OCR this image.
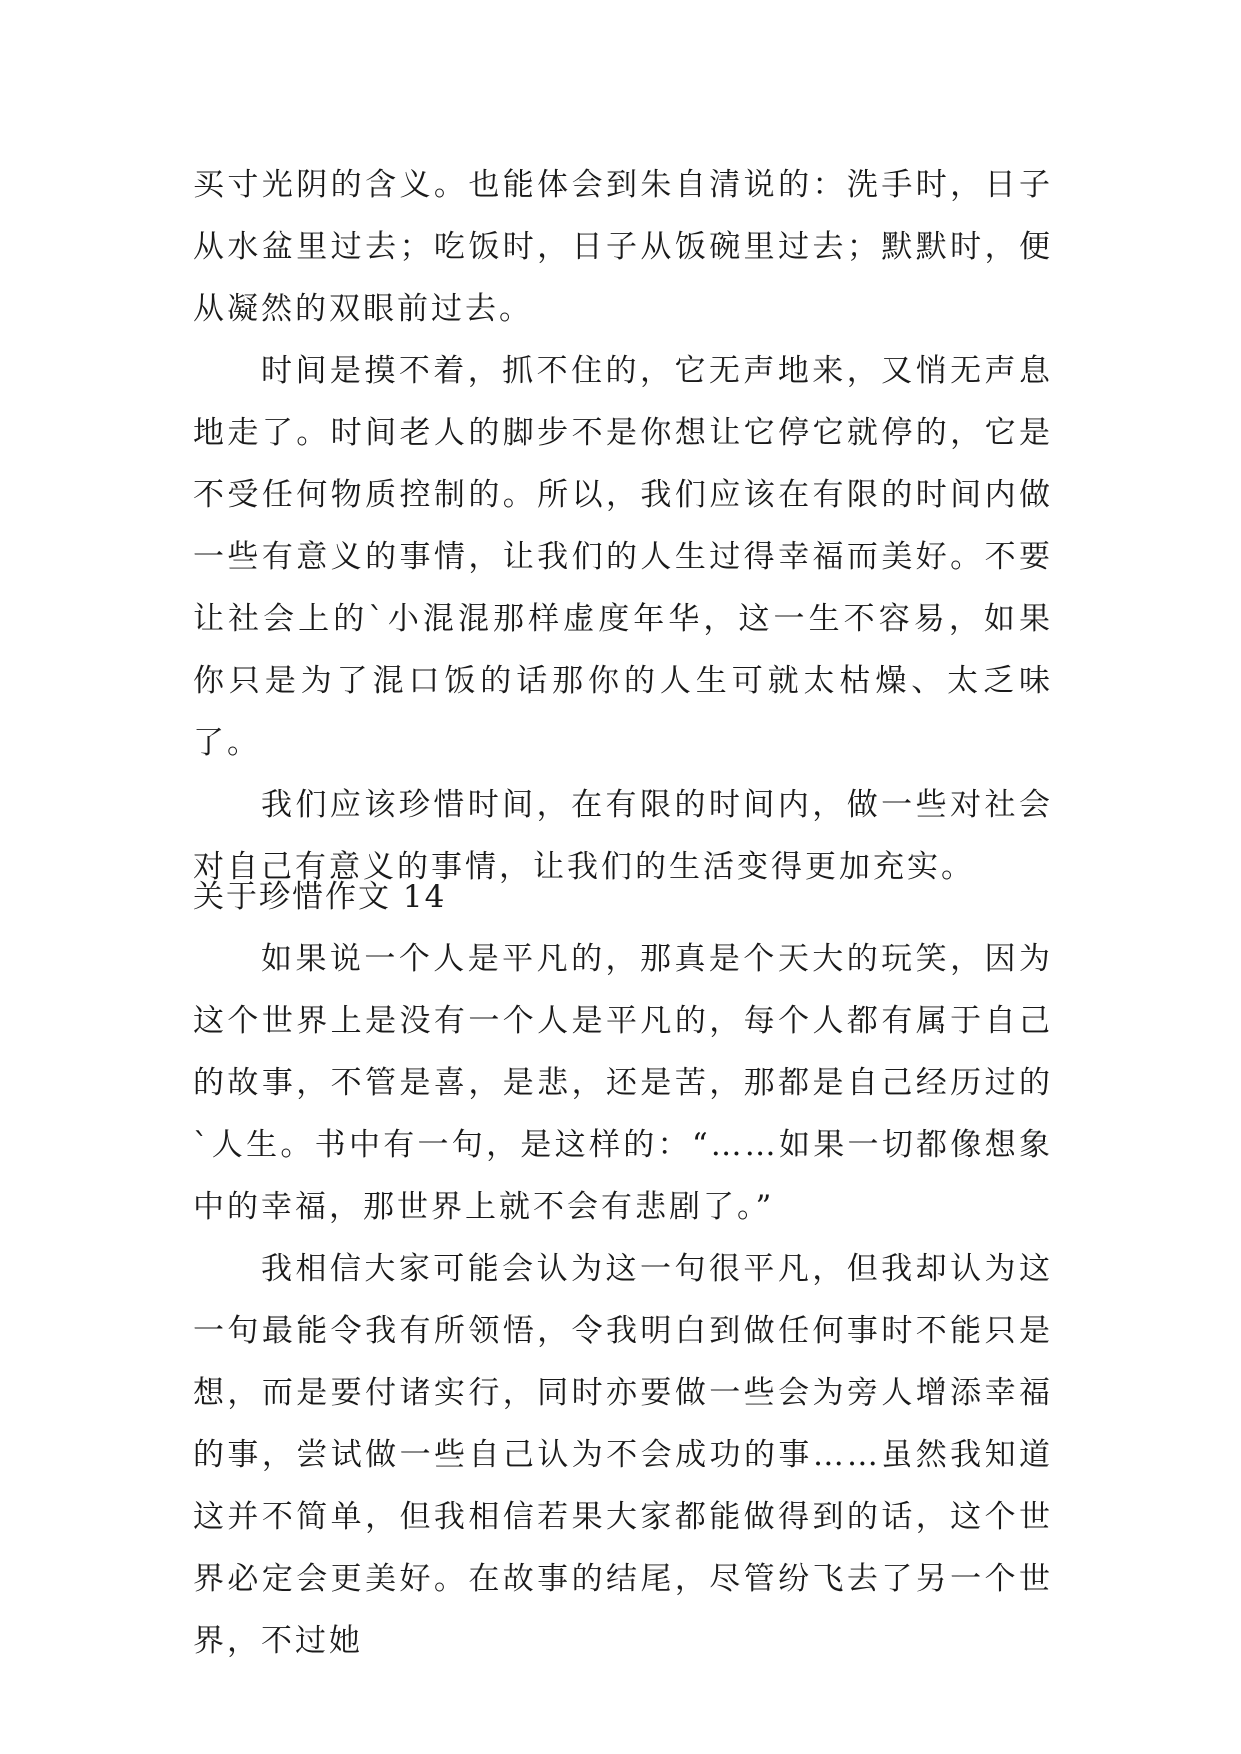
买寸光阴的含义。也能体会到朱自清说的：洗手时，日子从水盆里过去；吃饭时，日子从饭碗里过去；默默时，便从凝然的双眼前过去。

时间是摸不着，抓不住的，它无声地来，又悄无声息地走了。时间老人的脚步不是你想让它停它就停的，它是不受任何物质控制的。所以，我们应该在有限的时间内做一些有意义的事情，让我们的人生过得幸福而美好。不要让社会上的`小混混那样虚度年华，这一生不容易，如果你只是为了混口饭的话那你的人生可就太枯燥、太乏味了。

我们应该珍惜时间，在有限的时间内，做一些对社会对自己有意义的事情，让我们的生活变得更加充实。

关于珍惜作文 14

如果说一个人是平凡的，那真是个天大的玩笑，因为这个世界上是没有一个人是平凡的，每个人都有属于自己的故事，不管是喜，是悲，还是苦，那都是自己经历过的`人生。书中有一句，是这样的：“……如果一切都像想象中的幸福，那世界上就不会有悲剧了。”

我相信大家可能会认为这一句很平凡，但我却认为这一句最能令我有所领悟，令我明白到做任何事时不能只是想，而是要付诸实行，同时亦要做一些会为旁人增添幸福的事，尝试做一些自己认为不会成功的事……虽然我知道这并不简单，但我相信若果大家都能做得到的话，这个世界必定会更美好。在故事的结尾，尽管纷飞去了另一个世界，不过她
